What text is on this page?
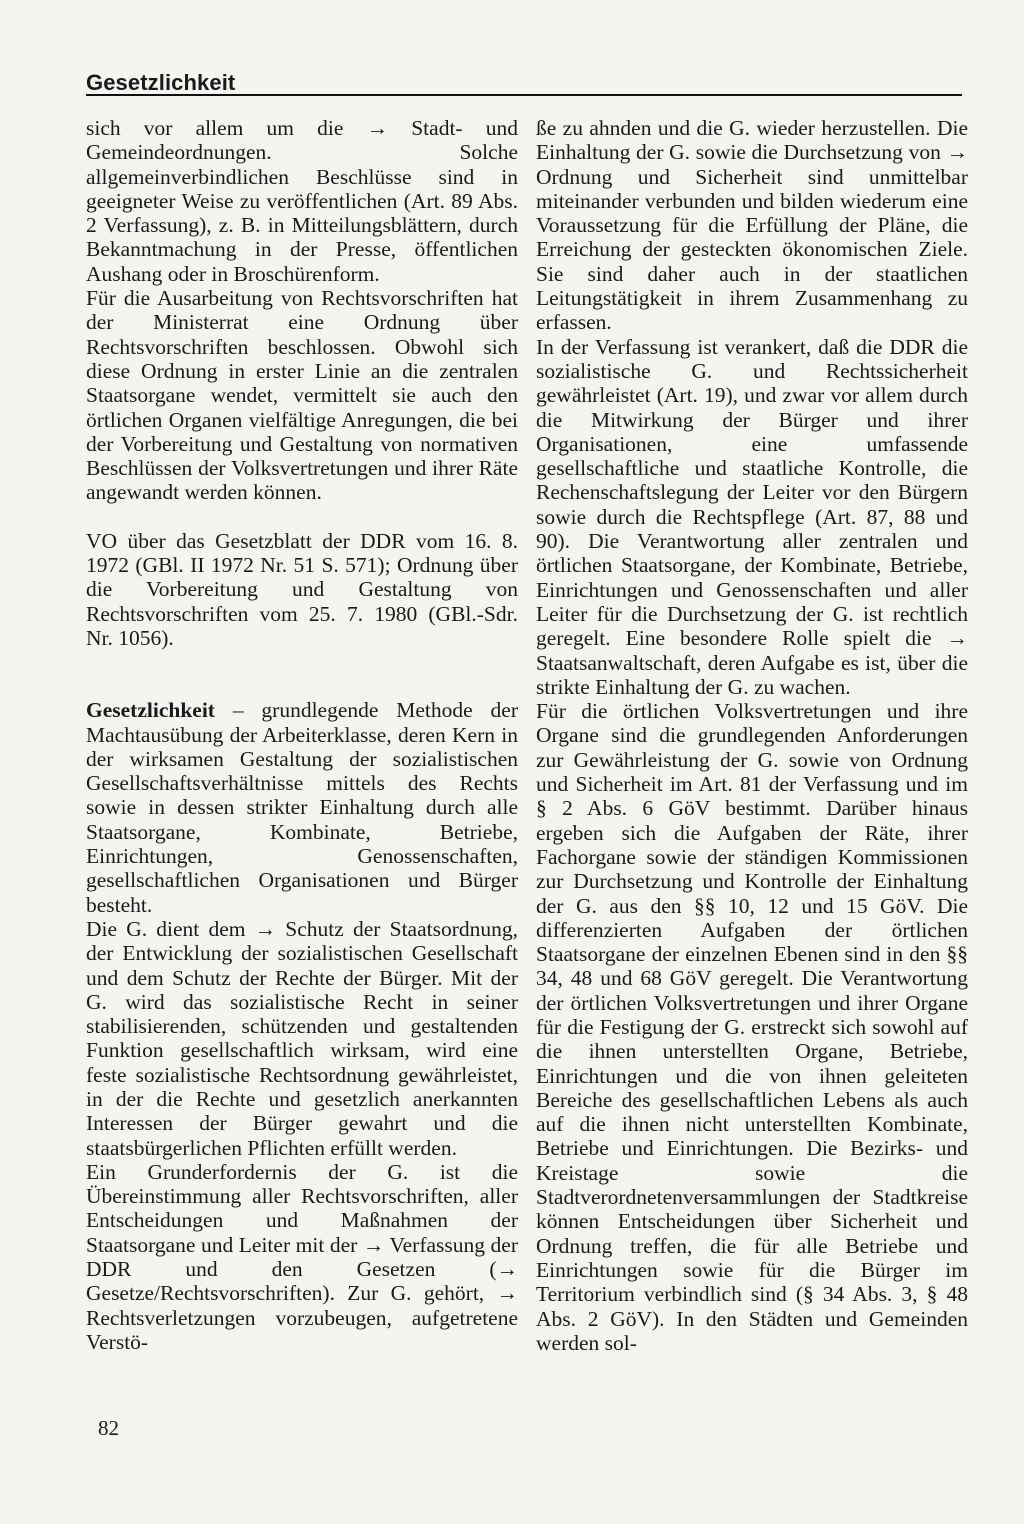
Gesetzlichkeit

sich vor allem um die → Stadt- und Gemeindeordnungen. Solche allgemeinverbindlichen Beschlüsse sind in geeigneter Weise zu veröffentlichen (Art. 89 Abs. 2 Verfassung), z. B. in Mitteilungsblättern, durch Bekanntmachung in der Presse, öffentlichen Aushang oder in Broschürenform.

Für die Ausarbeitung von Rechtsvorschriften hat der Ministerrat eine Ordnung über Rechtsvorschriften beschlossen. Obwohl sich diese Ordnung in erster Linie an die zentralen Staatsorgane wendet, vermittelt sie auch den örtlichen Organen vielfältige Anregungen, die bei der Vorbereitung und Gestaltung von normativen Beschlüssen der Volksvertretungen und ihrer Räte angewandt werden können.

VO über das Gesetzblatt der DDR vom 16. 8. 1972 (GBl. II 1972 Nr. 51 S. 571); Ordnung über die Vorbereitung und Gestaltung von Rechtsvorschriften vom 25. 7. 1980 (GBl.-Sdr. Nr. 1056).

Gesetzlichkeit – grundlegende Methode der Machtausübung der Arbeiterklasse, deren Kern in der wirksamen Gestaltung der sozialistischen Gesellschaftsverhältnisse mittels des Rechts sowie in dessen strikter Einhaltung durch alle Staatsorgane, Kombinate, Betriebe, Einrichtungen, Genossenschaften, gesellschaftlichen Organisationen und Bürger besteht.

Die G. dient dem → Schutz der Staatsordnung, der Entwicklung der sozialistischen Gesellschaft und dem Schutz der Rechte der Bürger. Mit der G. wird das sozialistische Recht in seiner stabilisierenden, schützenden und gestaltenden Funktion gesellschaftlich wirksam, wird eine feste sozialistische Rechtsordnung gewährleistet, in der die Rechte und gesetzlich anerkannten Interessen der Bürger gewahrt und die staatsbürgerlichen Pflichten erfüllt werden.

Ein Grunderfordernis der G. ist die Übereinstimmung aller Rechtsvorschriften, aller Entscheidungen und Maßnahmen der Staatsorgane und Leiter mit der → Verfassung der DDR und den Gesetzen (→ Gesetze/Rechtsvorschriften). Zur G. gehört, → Rechtsverletzungen vorzubeugen, aufgetretene Verstö-

ße zu ahnden und die G. wieder herzustellen. Die Einhaltung der G. sowie die Durchsetzung von → Ordnung und Sicherheit sind unmittelbar miteinander verbunden und bilden wiederum eine Voraussetzung für die Erfüllung der Pläne, die Erreichung der gesteckten ökonomischen Ziele. Sie sind daher auch in der staatlichen Leitungstätigkeit in ihrem Zusammenhang zu erfassen.

In der Verfassung ist verankert, daß die DDR die sozialistische G. und Rechtssicherheit gewährleistet (Art. 19), und zwar vor allem durch die Mitwirkung der Bürger und ihrer Organisationen, eine umfassende gesellschaftliche und staatliche Kontrolle, die Rechenschaftslegung der Leiter vor den Bürgern sowie durch die Rechtspflege (Art. 87, 88 und 90). Die Verantwortung aller zentralen und örtlichen Staatsorgane, der Kombinate, Betriebe, Einrichtungen und Genossenschaften und aller Leiter für die Durchsetzung der G. ist rechtlich geregelt. Eine besondere Rolle spielt die → Staatsanwaltschaft, deren Aufgabe es ist, über die strikte Einhaltung der G. zu wachen.

Für die örtlichen Volksvertretungen und ihre Organe sind die grundlegenden Anforderungen zur Gewährleistung der G. sowie von Ordnung und Sicherheit im Art. 81 der Verfassung und im § 2 Abs. 6 GöV bestimmt. Darüber hinaus ergeben sich die Aufgaben der Räte, ihrer Fachorgane sowie der ständigen Kommissionen zur Durchsetzung und Kontrolle der Einhaltung der G. aus den §§ 10, 12 und 15 GöV. Die differenzierten Aufgaben der örtlichen Staatsorgane der einzelnen Ebenen sind in den §§ 34, 48 und 68 GöV geregelt. Die Verantwortung der örtlichen Volksvertretungen und ihrer Organe für die Festigung der G. erstreckt sich sowohl auf die ihnen unterstellten Organe, Betriebe, Einrichtungen und die von ihnen geleiteten Bereiche des gesellschaftlichen Lebens als auch auf die ihnen nicht unterstellten Kombinate, Betriebe und Einrichtungen. Die Bezirks- und Kreistage sowie die Stadtverordnetenversammlungen der Stadtkreise können Entscheidungen über Sicherheit und Ordnung treffen, die für alle Betriebe und Einrichtungen sowie für die Bürger im Territorium verbindlich sind (§ 34 Abs. 3, § 48 Abs. 2 GöV). In den Städten und Gemeinden werden sol-

82
